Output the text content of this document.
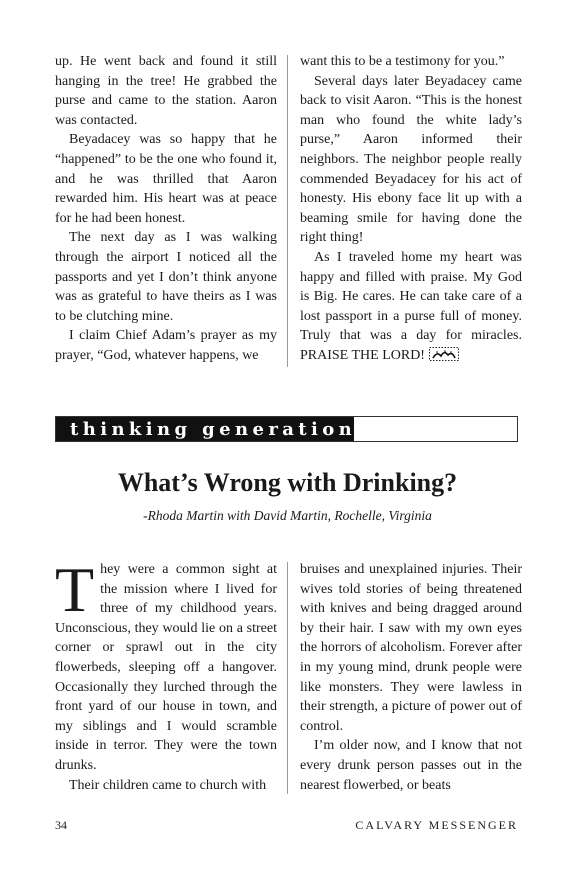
up. He went back and found it still hanging in the tree! He grabbed the purse and came to the station. Aaron was contacted.

Beyadacey was so happy that he “happened” to be the one who found it, and he was thrilled that Aaron rewarded him. His heart was at peace for he had been honest.

The next day as I was walking through the airport I noticed all the passports and yet I don’t think anyone was as grateful to have theirs as I was to be clutching mine.

I claim Chief Adam’s prayer as my prayer, “God, whatever happens, we

want this to be a testimony for you.”

Several days later Beyadacey came back to visit Aaron. “This is the honest man who found the white lady’s purse,” Aaron informed their neighbors. The neighbor people really commended Beyadacey for his act of honesty. His ebony face lit up with a beaming smile for having done the right thing!

As I traveled home my heart was happy and filled with praise. My God is Big. He cares. He can take care of a lost passport in a purse full of money. Truly that was a day for miracles. PRAISE THE LORD!

thinking generation
What’s Wrong with Drinking?
-Rhoda Martin with David Martin, Rochelle, Virginia

They were a common sight at the mission where I lived for three of my childhood years. Unconscious, they would lie on a street corner or sprawl out in the city flowerbeds, sleeping off a hangover. Occasionally they lurched through the front yard of our house in town, and my siblings and I would scramble inside in terror. They were the town drunks.

Their children came to church with

bruises and unexplained injuries. Their wives told stories of being threatened with knives and being dragged around by their hair. I saw with my own eyes the horrors of alcoholism. Forever after in my young mind, drunk people were like monsters. They were lawless in their strength, a picture of power out of control.

I’m older now, and I know that not every drunk person passes out in the nearest flowerbed, or beats

34	CALVARY MESSENGER
